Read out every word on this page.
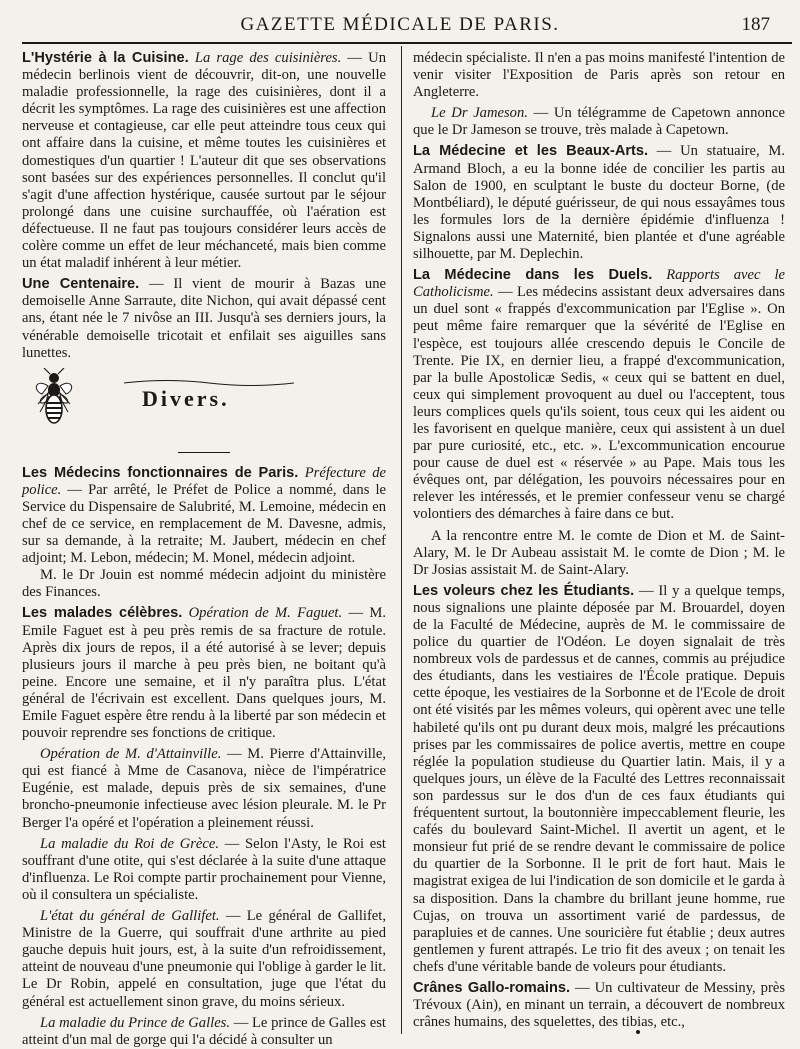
GAZETTE MÉDICALE DE PARIS.	187

L'Hystérie à la Cuisine. La rage des cuisinières. — Un médecin berlinois vient de découvrir, dit-on, une nouvelle maladie professionnelle, la rage des cuisinières, dont il a décrit les symptômes. La rage des cuisinières est une affection nerveuse et contagieuse, car elle peut atteindre tous ceux qui ont affaire dans la cuisine, et même toutes les cuisinières et domestiques d'un quartier ! L'auteur dit que ses observations sont basées sur des expériences personnelles. Il conclut qu'il s'agit d'une affection hystérique, causée surtout par le séjour prolongé dans une cuisine surchauffée, où l'aération est défectueuse. Il ne faut pas toujours considérer leurs accès de colère comme un effet de leur méchanceté, mais bien comme un état maladif inhérent à leur métier.

Une Centenaire. — Il vient de mourir à Bazas une demoiselle Anne Sarraute, dite Nichon, qui avait dépassé cent ans, étant née le 7 nivôse an III. Jusqu'à ses derniers jours, la vénérable demoiselle tricotait et enfilait ses aiguilles sans lunettes.

Divers.

Les Médecins fonctionnaires de Paris. Préfecture de police. — Par arrêté, le Préfet de Police a nommé, dans le Service du Dispensaire de Salubrité, M. Lemoine, médecin en chef de ce service, en remplacement de M. Davesne, admis, sur sa demande, à la retraite; M. Jaubert, médecin en chef adjoint; M. Lebon, médecin; M. Monel, médecin adjoint.

M. le Dr Jouin est nommé médecin adjoint du ministère des Finances.

Les malades célèbres. Opération de M. Faguet. — M. Emile Faguet est à peu près remis de sa fracture de rotule. Après dix jours de repos, il a été autorisé à se lever; depuis plusieurs jours il marche à peu près bien, ne boitant qu'à peine. Encore une semaine, et il n'y paraîtra plus. L'état général de l'écrivain est excellent. Dans quelques jours, M. Emile Faguet espère être rendu à la liberté par son médecin et pouvoir reprendre ses fonctions de critique.

Opération de M. d'Attainville. — M. Pierre d'Attainville, qui est fiancé à Mme de Casanova, nièce de l'impératrice Eugénie, est malade, depuis près de six semaines, d'une broncho-pneumonie infectieuse avec lésion pleurale. M. le Pr Berger l'a opéré et l'opération a pleinement réussi.

La maladie du Roi de Grèce. — Selon l'Asty, le Roi est souffrant d'une otite, qui s'est déclarée à la suite d'une attaque d'influenza. Le Roi compte partir prochainement pour Vienne, où il consultera un spécialiste.

L'état du général de Gallifet. — Le général de Gallifet, Ministre de la Guerre, qui souffrait d'une arthrite au pied gauche depuis huit jours, est, à la suite d'un refroidissement, atteint de nouveau d'une pneumonie qui l'oblige à garder le lit. Le Dr Robin, appelé en consultation, juge que l'état du général est actuellement sinon grave, du moins sérieux.

La maladie du Prince de Galles. — Le prince de Galles est atteint d'un mal de gorge qui l'a décidé à consulter un

médecin spécialiste. Il n'en a pas moins manifesté l'intention de venir visiter l'Exposition de Paris après son retour en Angleterre.

Le Dr Jameson. — Un télégramme de Capetown annonce que le Dr Jameson se trouve, très malade à Capetown.

La Médecine et les Beaux-Arts. — Un statuaire, M. Armand Bloch, a eu la bonne idée de concilier les partis au Salon de 1900, en sculptant le buste du docteur Borne, (de Montbéliard), le député guérisseur, de qui nous essayâmes tous les formules lors de la dernière épidémie d'influenza ! Signalons aussi une Maternité, bien plantée et d'une agréable silhouette, par M. Deplechin.

La Médecine dans les Duels. Rapports avec le Catholicisme. — Les médecins assistant deux adversaires dans un duel sont « frappés d'excommunication par l'Eglise ». On peut même faire remarquer que la sévérité de l'Eglise en l'espèce, est toujours allée crescendo depuis le Concile de Trente. Pie IX, en dernier lieu, a frappé d'excommunication, par la bulle Apostolicæ Sedis, « ceux qui se battent en duel, ceux qui simplement provoquent au duel ou l'acceptent, tous leurs complices quels qu'ils soient, tous ceux qui les aident ou les favorisent en quelque manière, ceux qui assistent à un duel par pure curiosité, etc., etc. ». L'excommunication encourue pour cause de duel est « réservée » au Pape. Mais tous les évêques ont, par délégation, les pouvoirs nécessaires pour en relever les intéressés, et le premier confesseur venu se chargé volontiers des démarches à faire dans ce but.

A la rencontre entre M. le comte de Dion et M. de Saint-Alary, M. le Dr Aubeau assistait M. le comte de Dion ; M. le Dr Josias assistait M. de Saint-Alary.

Les voleurs chez les Étudiants. — Il y a quelque temps, nous signalions une plainte déposée par M. Brouardel, doyen de la Faculté de Médecine, auprès de M. le commissaire de police du quartier de l'Odéon. Le doyen signalait de très nombreux vols de pardessus et de cannes, commis au préjudice des étudiants, dans les vestiaires de l'École pratique. Depuis cette époque, les vestiaires de la Sorbonne et de l'Ecole de droit ont été visités par les mêmes voleurs, qui opèrent avec une telle habileté qu'ils ont pu durant deux mois, malgré les précautions prises par les commissaires de police avertis, mettre en coupe réglée la population studieuse du Quartier latin. Mais, il y a quelques jours, un élève de la Faculté des Lettres reconnaissait son pardessus sur le dos d'un de ces faux étudiants qui fréquentent surtout, la boutonnière impeccablement fleurie, les cafés du boulevard Saint-Michel. Il avertit un agent, et le monsieur fut prié de se rendre devant le commissaire de police du quartier de la Sorbonne. Il le prit de fort haut. Mais le magistrat exigea de lui l'indication de son domicile et le garda à sa disposition. Dans la chambre du brillant jeune homme, rue Cujas, on trouva un assortiment varié de pardessus, de parapluies et de cannes. Une souricière fut établie ; deux autres gentlemen y furent attrapés. Le trio fit des aveux ; on tenait les chefs d'une véritable bande de voleurs pour étudiants.

Crânes Gallo-romains. — Un cultivateur de Messiny, près Trévoux (Ain), en minant un terrain, a découvert de nombreux crânes humains, des squelettes, des tibias, etc.,
